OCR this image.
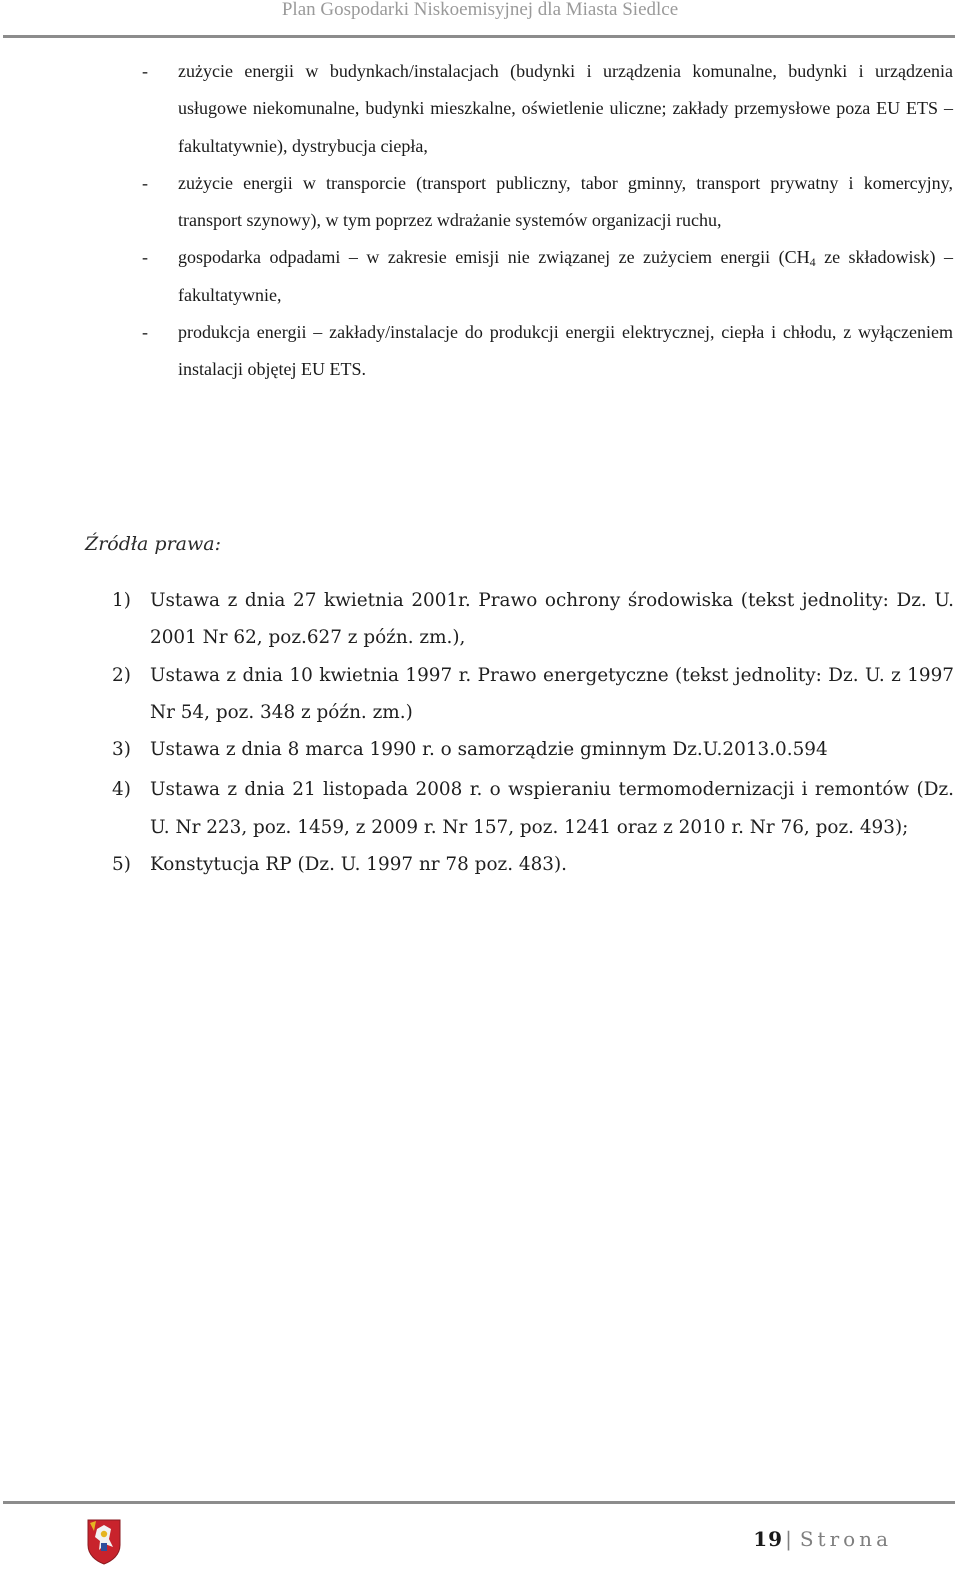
Plan Gospodarki Niskoemisyjnej dla Miasta Siedlce
- zużycie energii w budynkach/instalacjach (budynki i urządzenia komunalne, budynki i urządzenia usługowe niekomunalne, budynki mieszkalne, oświetlenie uliczne; zakłady przemysłowe poza EU ETS – fakultatywnie), dystrybucja ciepła,
- zużycie energii w transporcie (transport publiczny, tabor gminny, transport prywatny i komercyjny, transport szynowy), w tym poprzez wdrażanie systemów organizacji ruchu,
- gospodarka odpadami – w zakresie emisji nie związanej ze zużyciem energii ($CH_4$ ze składowisk) – fakultatywnie,
- produkcja energii – zakłady/instalacje do produkcji energii elektrycznej, ciepła i chłodu, z wyłączeniem instalacji objętej EU ETS.
Źródła prawa:
1) Ustawa z dnia 27 kwietnia 2001r. Prawo ochrony środowiska (tekst jednolity: Dz. U. 2001 Nr 62, poz.627 z późn. zm.),
2) Ustawa z dnia 10 kwietnia 1997 r. Prawo energetyczne (tekst jednolity: Dz. U. z 1997 Nr 54, poz. 348 z późn. zm.)
3) Ustawa z dnia 8 marca 1990 r. o samorządzie gminnym Dz.U.2013.0.594
4) Ustawa z dnia 21 listopada 2008 r. o wspieraniu termomodernizacji i remontów (Dz. U. Nr 223, poz. 1459, z 2009 r. Nr 157, poz. 1241 oraz z 2010 r. Nr 76, poz. 493);
5) Konstytucja RP (Dz. U. 1997 nr 78 poz. 483).
19 | Strona
